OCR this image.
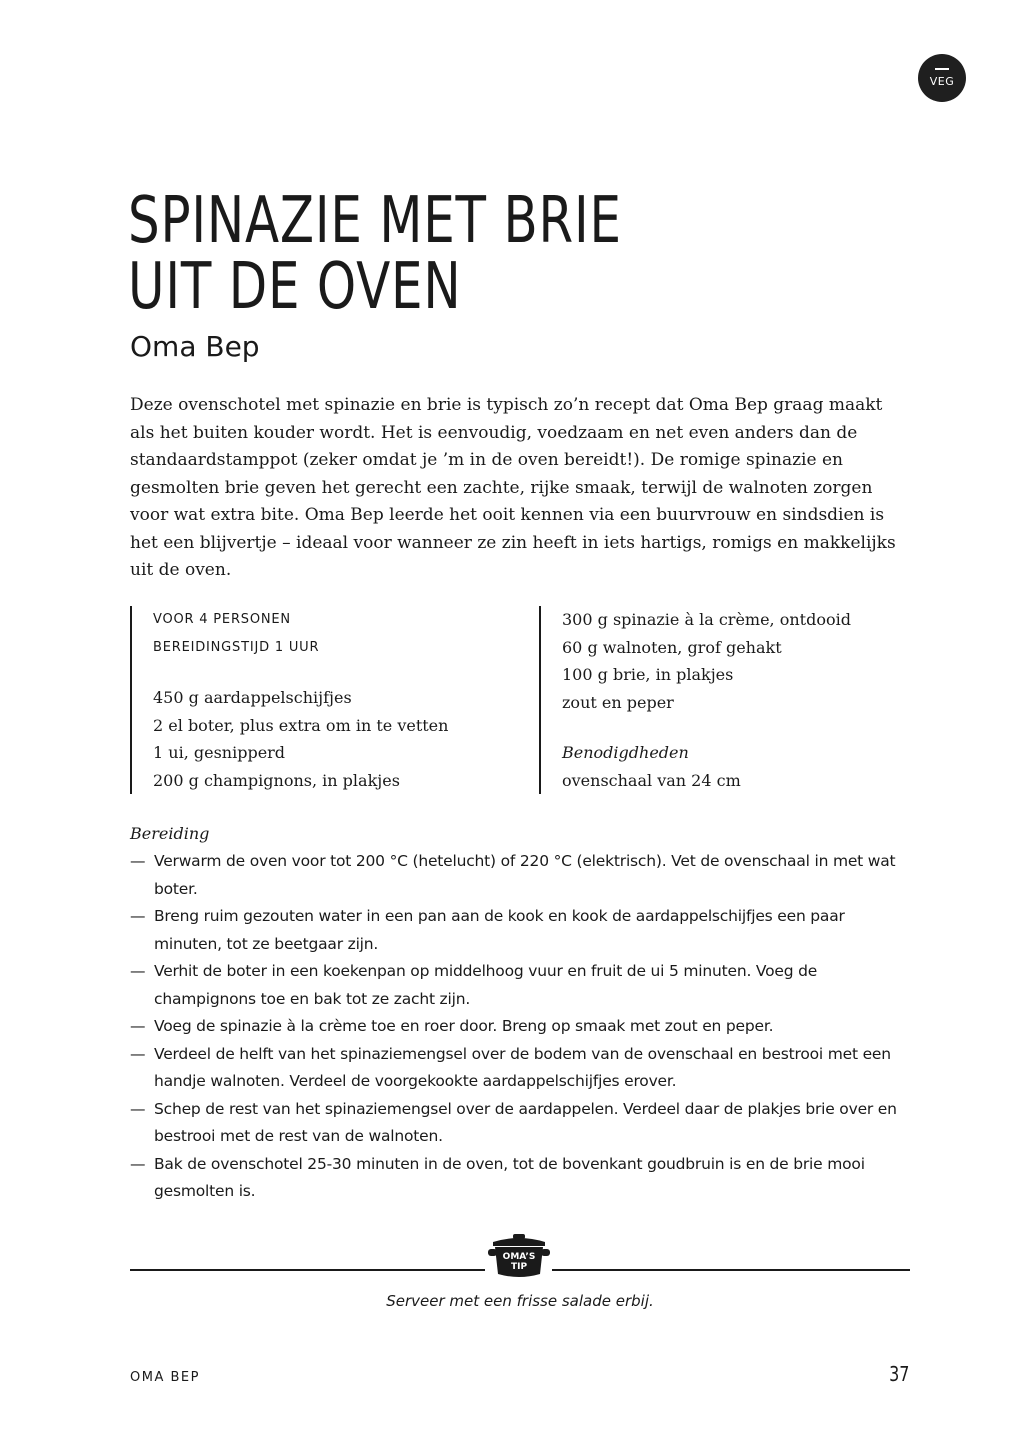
VEG
SPINAZIE MET BRIE
UIT DE OVEN
Oma Bep

Deze ovenschotel met spinazie en brie is typisch zo’n recept dat Oma Bep graag maakt als het buiten kouder wordt. Het is eenvoudig, voedzaam en net even anders dan de standaardstamppot (zeker omdat je ’m in de oven bereidt!). De romige spinazie en gesmolten brie geven het gerecht een zachte, rijke smaak, terwijl de walnoten zorgen voor wat extra bite. Oma Bep leerde het ooit kennen via een buurvrouw en sindsdien is het een blijvertje – ideaal voor wanneer ze zin heeft in iets hartigs, romigs en makkelijks uit de oven.

VOOR 4 PERSONEN
BEREIDINGSTIJD 1 UUR
450 g aardappelschijfjes
2 el boter, plus extra om in te vetten
1 ui, gesnipperd
200 g champignons, in plakjes
300 g spinazie à la crème, ontdooid
60 g walnoten, grof gehakt
100 g brie, in plakjes
zout en peper
Benodigdheden
ovenschaal van 24 cm
Bereiding
— Verwarm de oven voor tot 200 °C (hetelucht) of 220 °C (elektrisch). Vet de ovenschaal in met wat boter.
— Breng ruim gezouten water in een pan aan de kook en kook de aardappelschijfjes een paar minuten, tot ze beetgaar zijn.
— Verhit de boter in een koekenpan op middelhoog vuur en fruit de ui 5 minuten. Voeg de champignons toe en bak tot ze zacht zijn.
— Voeg de spinazie à la crème toe en roer door. Breng op smaak met zout en peper.
— Verdeel de helft van het spinaziemengsel over de bodem van de ovenschaal en bestrooi met een handje walnoten. Verdeel de voorgekookte aardappelschijfjes erover.
— Schep de rest van het spinaziemengsel over de aardappelen. Verdeel daar de plakjes brie over en bestrooi met de rest van de walnoten.
— Bak de ovenschotel 25-30 minuten in de oven, tot de bovenkant goudbruin is en de brie mooi gesmolten is.
OMA’S
TIP
Serveer met een frisse salade erbij.
OMA BEP	37
